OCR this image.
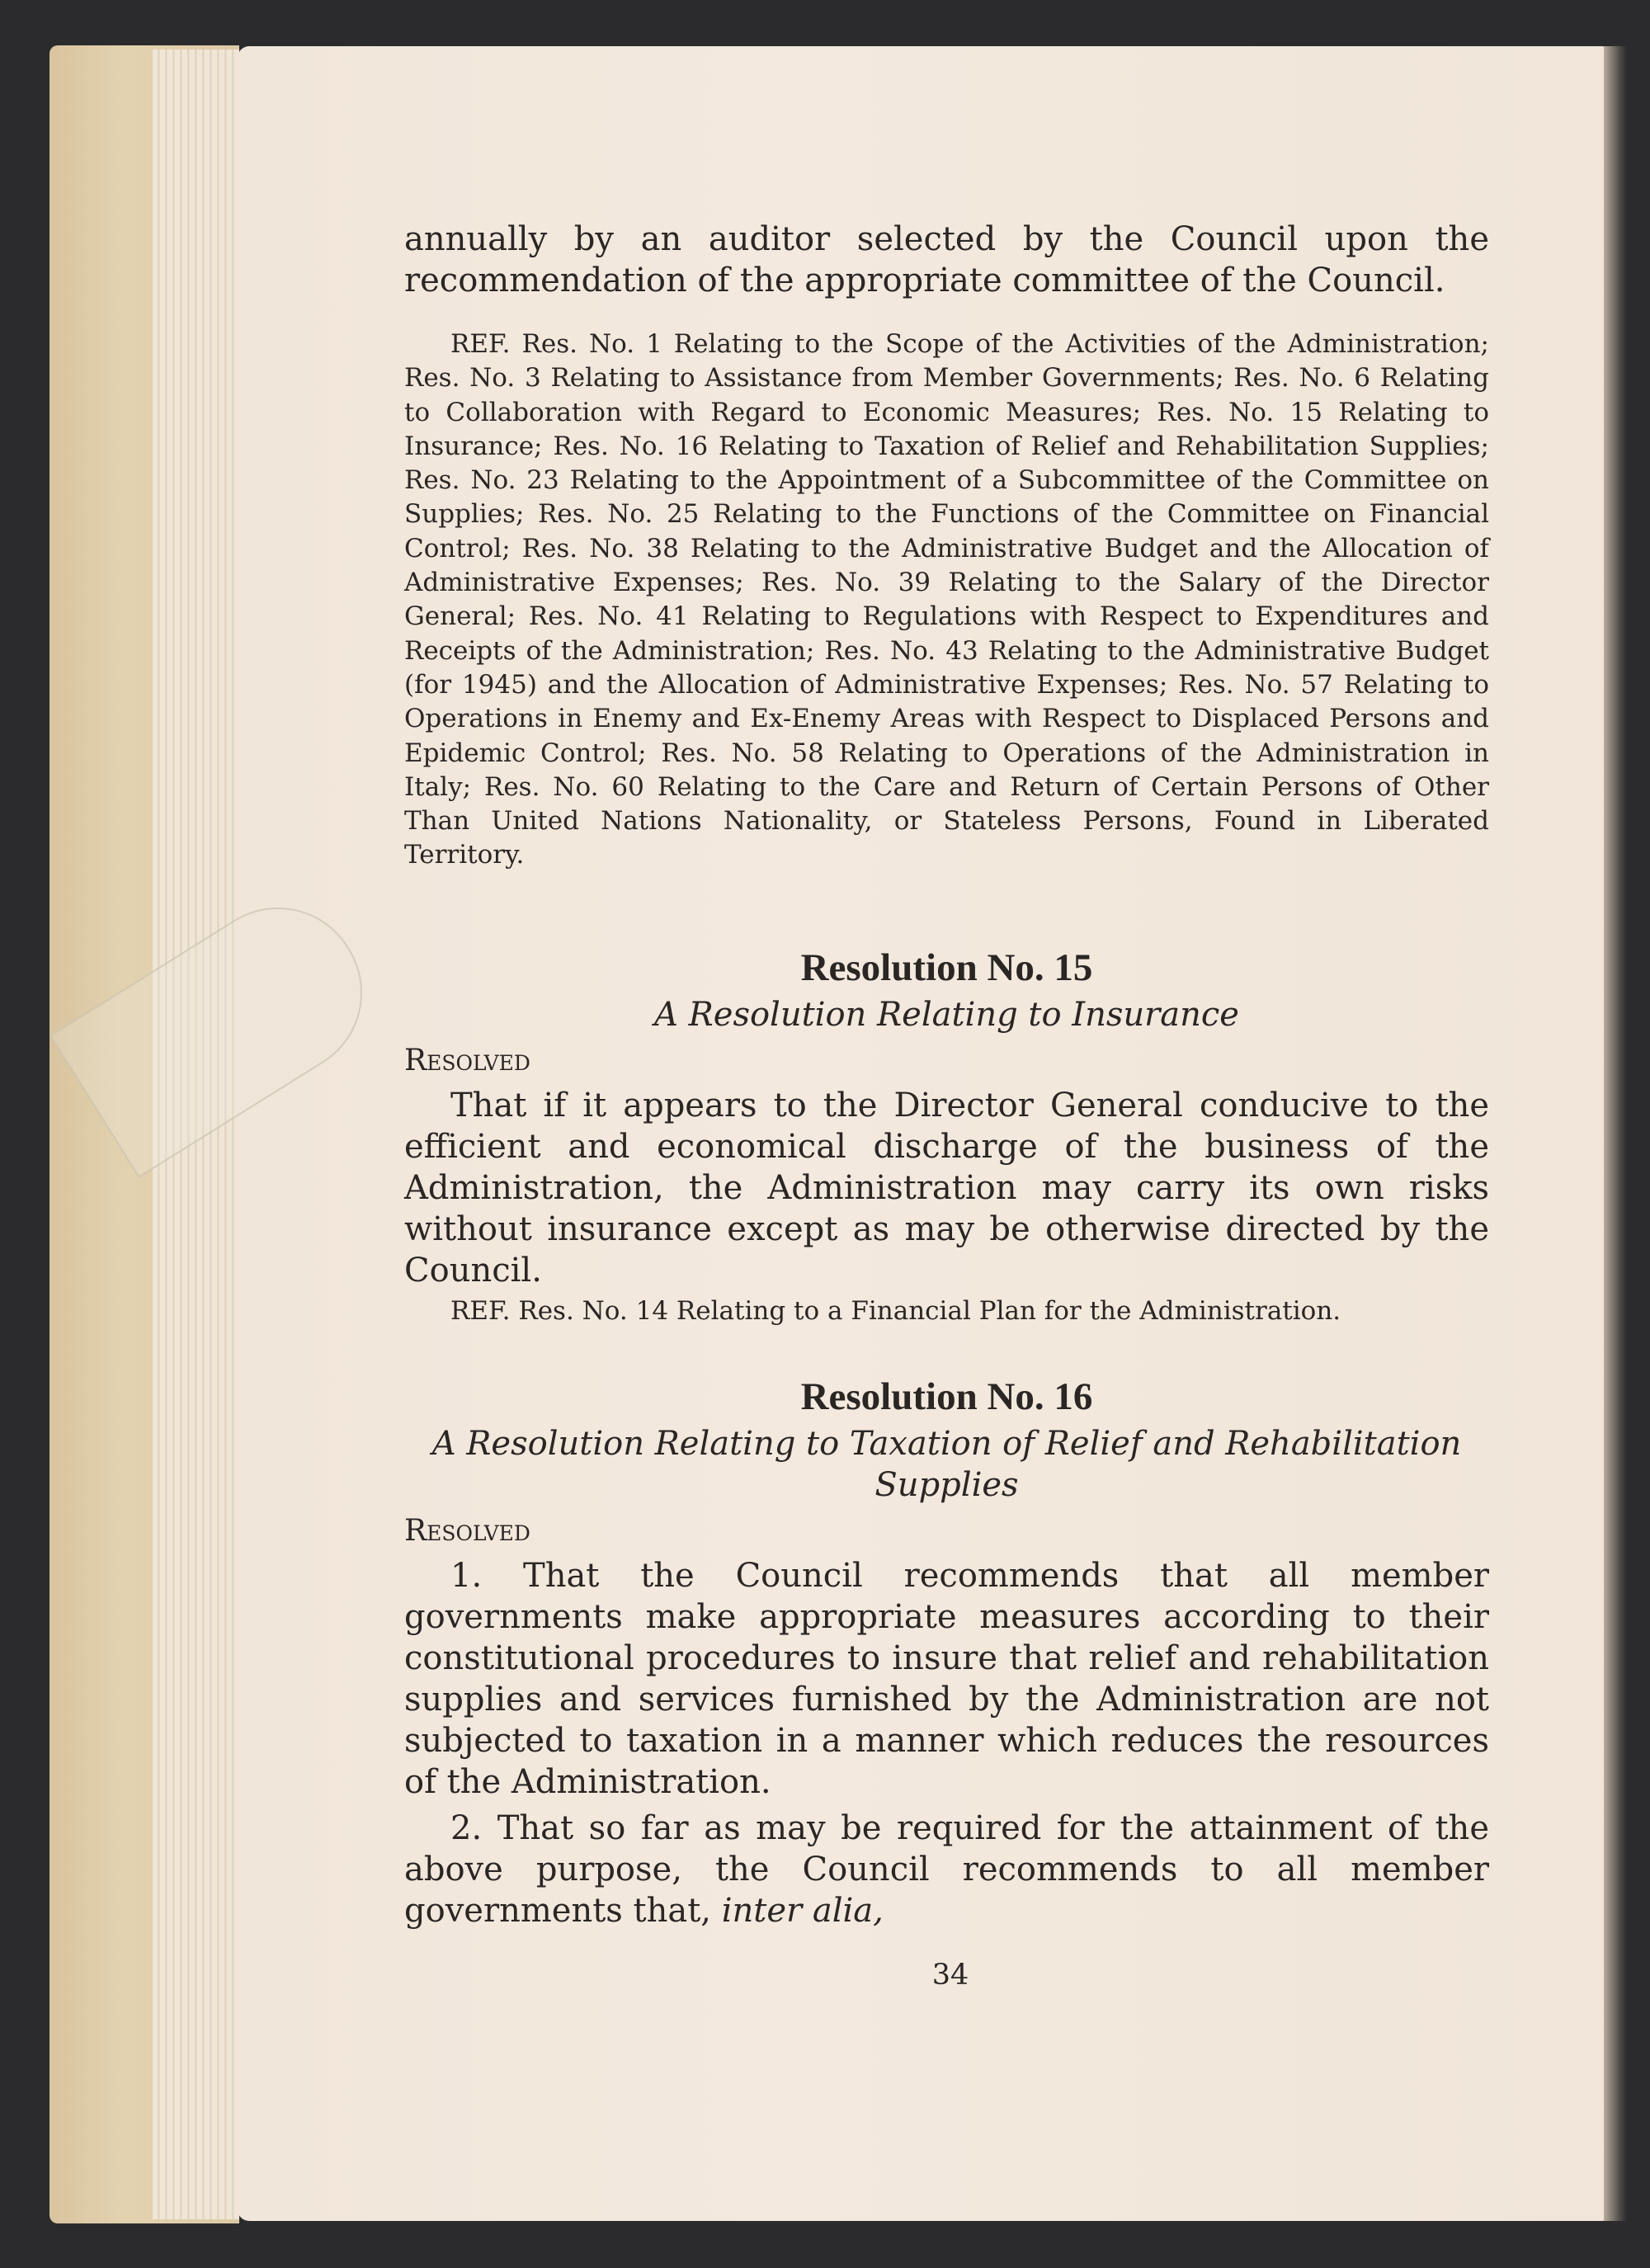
annually by an auditor selected by the Council upon the recommendation of the appropriate committee of the Council.

REF. Res. No. 1 Relating to the Scope of the Activities of the Administration; Res. No. 3 Relating to Assistance from Member Governments; Res. No. 6 Relating to Collaboration with Regard to Economic Measures; Res. No. 15 Relating to Insurance; Res. No. 16 Relating to Taxation of Relief and Rehabilitation Supplies; Res. No. 23 Relating to the Appointment of a Subcommittee of the Committee on Supplies; Res. No. 25 Relating to the Functions of the Committee on Financial Control; Res. No. 38 Relating to the Administrative Budget and the Allocation of Administrative Expenses; Res. No. 39 Relating to the Salary of the Director General; Res. No. 41 Relating to Regulations with Respect to Expenditures and Receipts of the Administration; Res. No. 43 Relating to the Administrative Budget (for 1945) and the Allocation of Administrative Expenses; Res. No. 57 Relating to Operations in Enemy and Ex-Enemy Areas with Respect to Displaced Persons and Epidemic Control; Res. No. 58 Relating to Operations of the Administration in Italy; Res. No. 60 Relating to the Care and Return of Certain Persons of Other Than United Nations Nationality, or Stateless Persons, Found in Liberated Territory.

Resolution No. 15

A Resolution Relating to Insurance

Resolved

That if it appears to the Director General conducive to the efficient and economical discharge of the business of the Administration, the Administration may carry its own risks without insurance except as may be otherwise directed by the Council.

REF. Res. No. 14 Relating to a Financial Plan for the Administration.

Resolution No. 16

A Resolution Relating to Taxation of Relief and Rehabilitation Supplies

Resolved

1. That the Council recommends that all member governments make appropriate measures according to their constitutional procedures to insure that relief and rehabilitation supplies and services furnished by the Administration are not subjected to taxation in a manner which reduces the resources of the Administration.

2. That so far as may be required for the attainment of the above purpose, the Council recommends to all member governments that, inter alia,

34
